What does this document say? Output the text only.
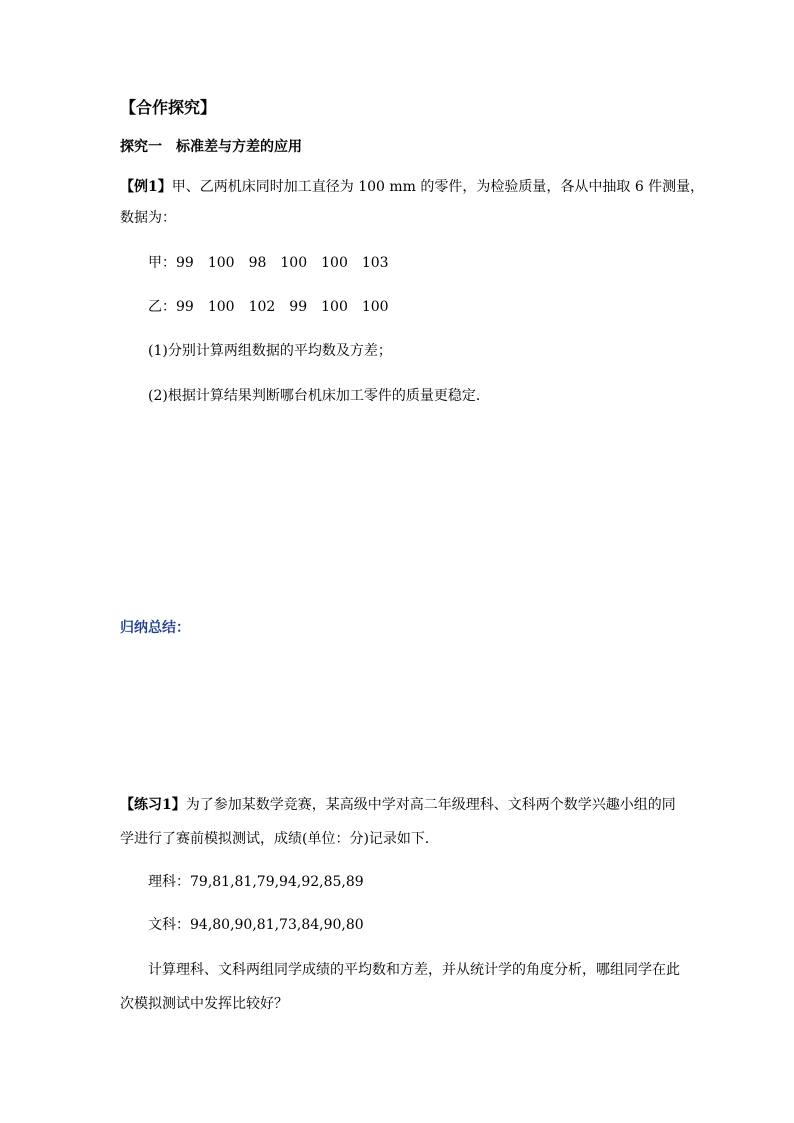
【合作探究】
探究一　标准差与方差的应用
【例1】甲、乙两机床同时加工直径为 100 mm 的零件，为检验质量，各从中抽取 6 件测量，
数据为：
甲：99 100 98 100 100 103
乙：99 100 102 99 100 100
(1)分别计算两组数据的平均数及方差；
(2)根据计算结果判断哪台机床加工零件的质量更稳定．
归纳总结：
【练习1】为了参加某数学竞赛，某高级中学对高二年级理科、文科两个数学兴趣小组的同
学进行了赛前模拟测试，成绩(单位：分)记录如下．
理科：79,81,81,79,94,92,85,89
文科：94,80,90,81,73,84,90,80
计算理科、文科两组同学成绩的平均数和方差，并从统计学的角度分析，哪组同学在此
次模拟测试中发挥比较好？
